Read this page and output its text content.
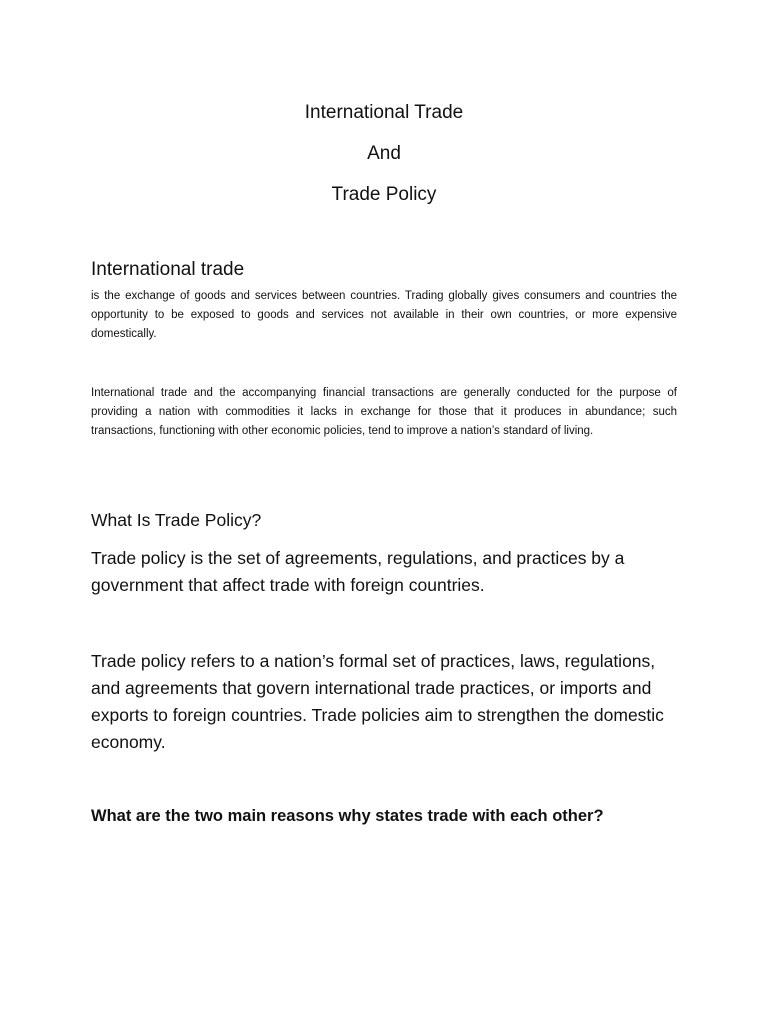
International Trade
And
Trade Policy
International trade

is the exchange of goods and services between countries. Trading globally gives consumers and countries the opportunity to be exposed to goods and services not available in their own countries, or more expensive domestically.

International trade and the accompanying financial transactions are generally conducted for the purpose of providing a nation with commodities it lacks in exchange for those that it produces in abundance; such transactions, functioning with other economic policies, tend to improve a nation’s standard of living.

What Is Trade Policy?

Trade policy is the set of agreements, regulations, and practices by a government that affect trade with foreign countries.

Trade policy refers to a nation’s formal set of practices, laws, regulations, and agreements that govern international trade practices, or imports and exports to foreign countries. Trade policies aim to strengthen the domestic economy.

What are the two main reasons why states trade with each other?
